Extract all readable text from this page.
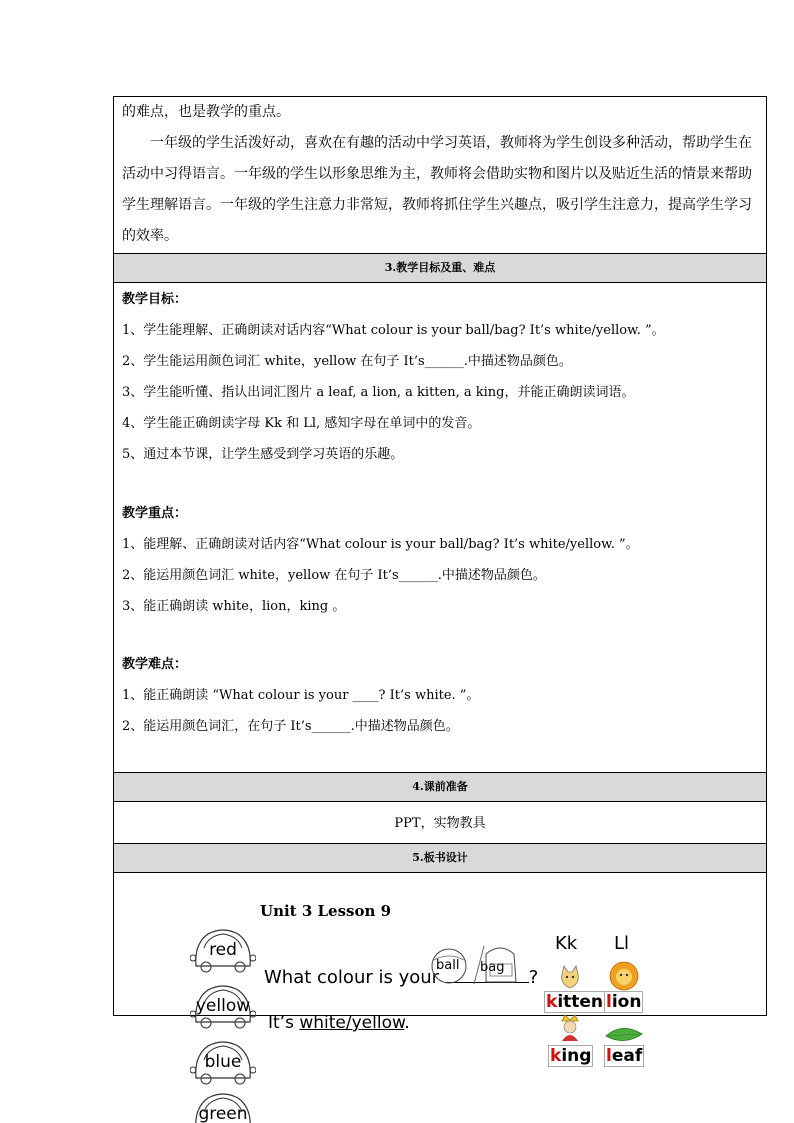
的难点，也是教学的重点。

一年级的学生活泼好动，喜欢在有趣的活动中学习英语，教师将为学生创设多种活动，帮助学生在活动中习得语言。一年级的学生以形象思维为主，教师将会借助实物和图片以及贴近生活的情景来帮助学生理解语言。一年级的学生注意力非常短，教师将抓住学生兴趣点，吸引学生注意力，提高学生学习的效率。

3.教学目标及重、难点
教学目标：
1、学生能理解、正确朗读对话内容“What colour is your ball/bag? It’s white/yellow. ”。
2、学生能运用颜色词汇 white，yellow 在句子 It’s______.中描述物品颜色。
3、学生能听懂、指认出词汇图片 a leaf, a lion, a kitten, a king，并能正确朗读词语。
4、学生能正确朗读字母 Kk 和 Ll, 感知字母在单词中的发音。
5、通过本节课，让学生感受到学习英语的乐趣。
教学重点：
1、能理解、正确朗读对话内容“What colour is your ball/bag? It’s white/yellow. ”。
2、能运用颜色词汇 white，yellow 在句子 It’s______.中描述物品颜色。
3、能正确朗读 white，lion，king 。
教学难点：
1、能正确朗读 “What colour is your ____? It’s white. ”。
2、能运用颜色词汇，在句子 It’s______.中描述物品颜色。
4.课前准备
PPT，实物教具
5.板书设计
Unit 3 Lesson 9
red
yellow
blue
green
What colour is your	?
ball bag
It’s white/yellow.
Kk Ll
kitten lion
king leaf
